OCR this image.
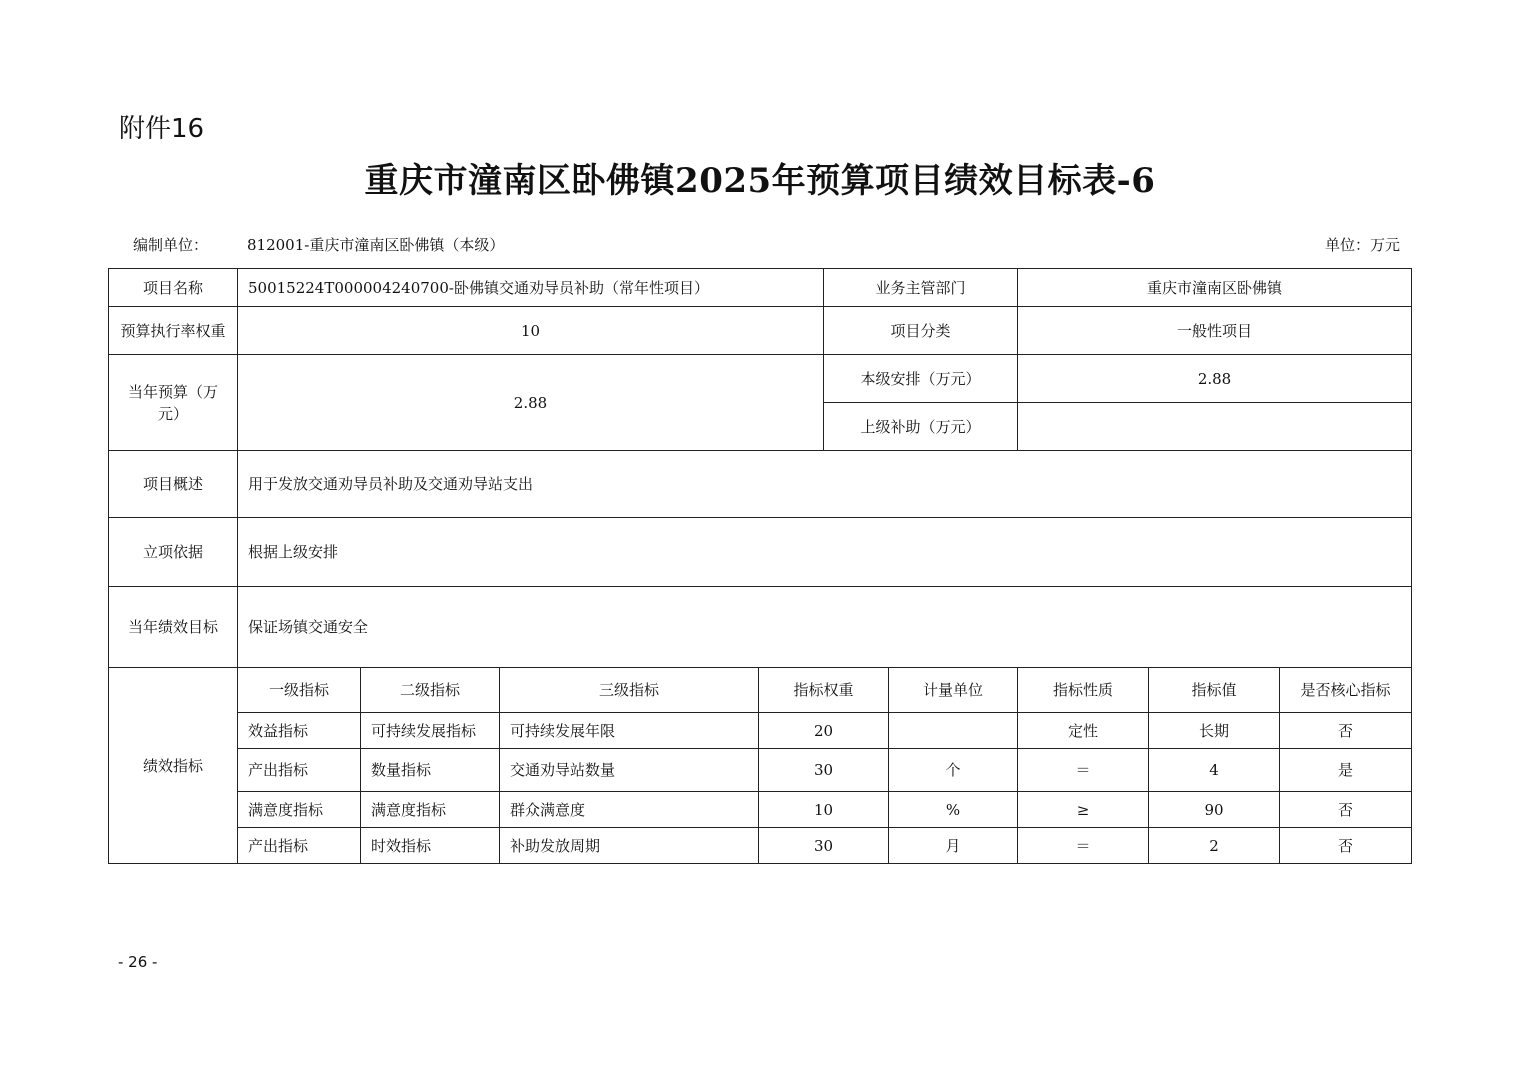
附件16
重庆市潼南区卧佛镇2025年预算项目绩效目标表-6
编制单位：	812001-重庆市潼南区卧佛镇（本级）	单位：万元
项目名称	50015224T000004240700-卧佛镇交通劝导员补助（常年性项目）				业务主管部门		重庆市潼南区卧佛镇		
预算执行率权重	10				项目分类		一般性项目		
当年预算（万元）	2.88				本级安排（万元）		2.88		
					上级补助（万元）				
项目概述	用于发放交通劝导员补助及交通劝导站支出								
立项依据	根据上级安排								
当年绩效目标	保证场镇交通安全								
绩效指标	一级指标	二级指标	三级指标	指标权重		计量单位	指标性质	指标值	是否核心指标
	效益指标	可持续发展指标	可持续发展年限	20			定性	长期	否
	产出指标	数量指标	交通劝导站数量	30		个	＝	4	是
	满意度指标	满意度指标	群众满意度	10		%	≥	90	否
	产出指标	时效指标	补助发放周期	30		月	＝	2	否
- 26 -
